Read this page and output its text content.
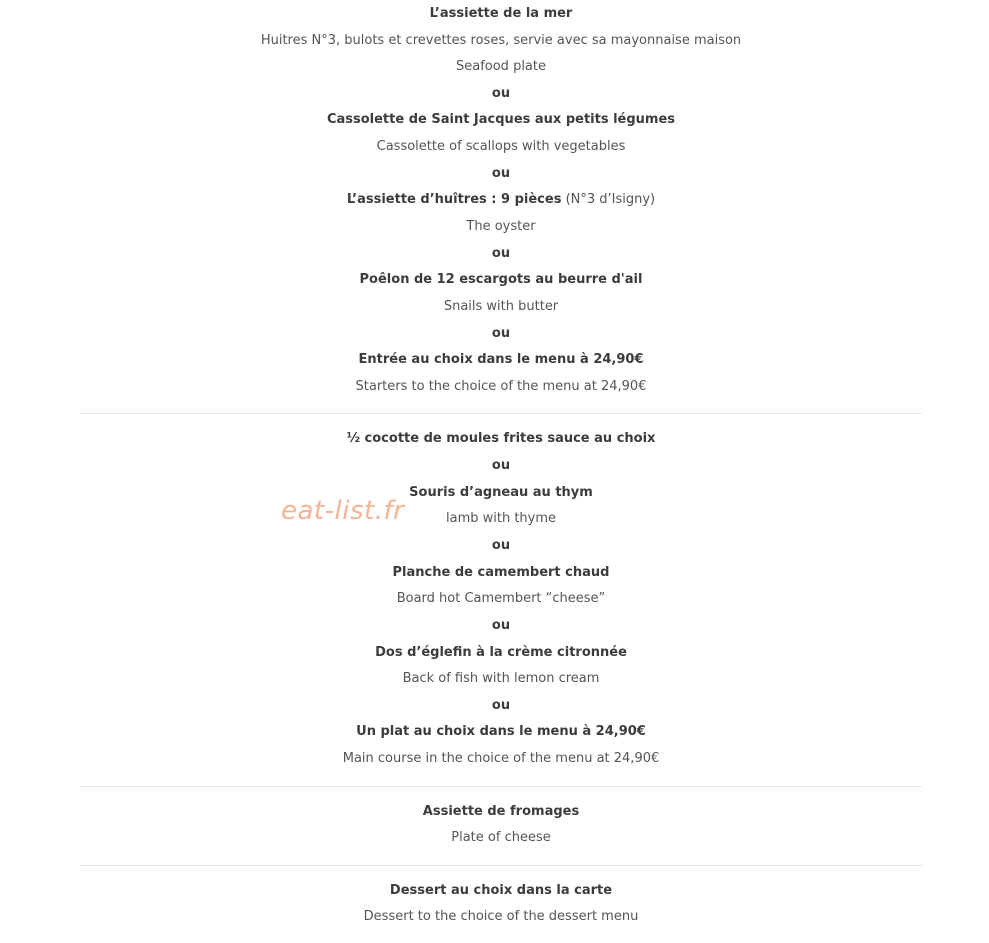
L’assiette de la mer
Huitres N°3, bulots et crevettes roses, servie avec sa mayonnaise maison
Seafood plate
ou
Cassolette de Saint Jacques aux petits légumes
Cassolette of scallops with vegetables
ou
L’assiette d’huîtres : 9 pièces (N°3 d’Isigny)
The oyster
ou
Poêlon de 12 escargots au beurre d'ail
Snails with butter
ou
Entrée au choix dans le menu à 24,90€
Starters to the choice of the menu at 24,90€
½ cocotte de moules frites sauce au choix
ou
Souris d’agneau au thym
lamb with thyme
ou
Planche de camembert chaud
Board hot Camembert “cheese”
ou
Dos d’églefin à la crème citronnée
Back of fish with lemon cream
ou
Un plat au choix dans le menu à 24,90€
Main course in the choice of the menu at 24,90€
Assiette de fromages
Plate of cheese
Dessert au choix dans la carte
Dessert to the choice of the dessert menu
eat-list.fr
